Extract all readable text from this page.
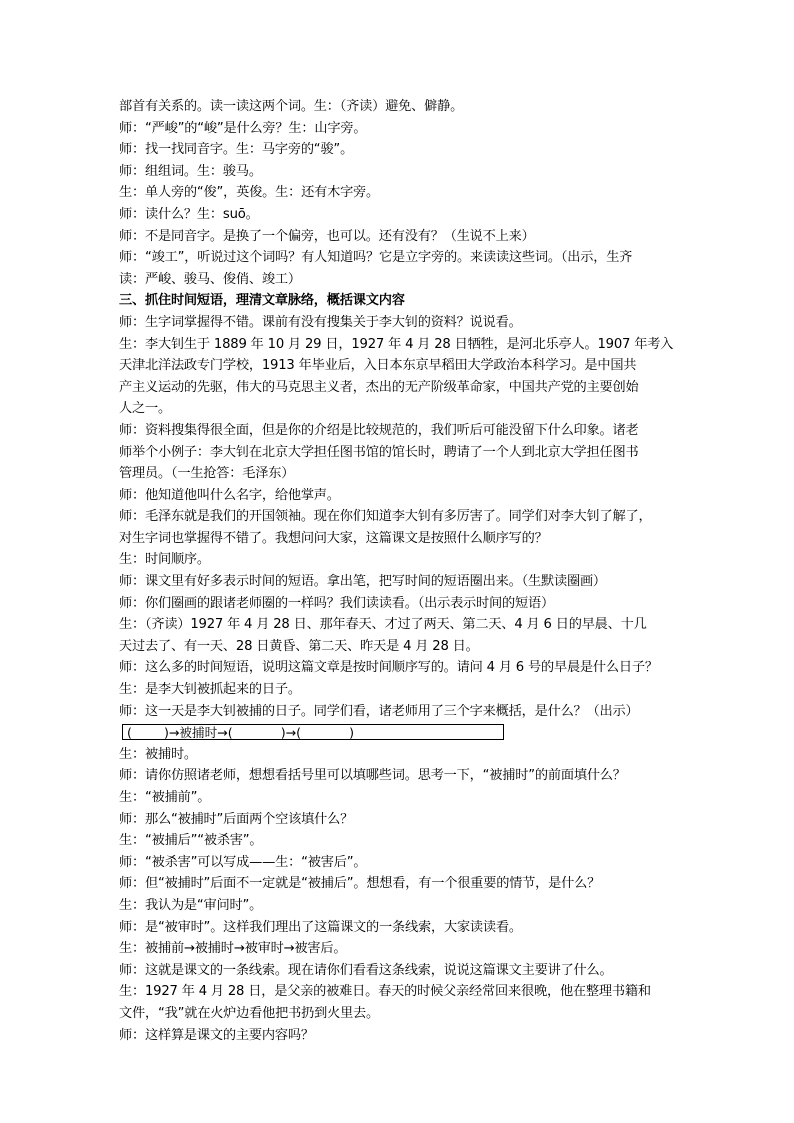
部首有关系的。读一读这两个词。生：（齐读）避免、僻静。
师：“严峻”的“峻”是什么旁？生：山字旁。
师：找一找同音字。生：马字旁的“骏”。
师：组组词。生：骏马。
生：单人旁的“俊”，英俊。生：还有木字旁。
师：读什么？生：suō。
师：不是同音字。是换了一个偏旁，也可以。还有没有？（生说不上来）
师：“竣工”，听说过这个词吗？有人知道吗？它是立字旁的。来读读这些词。（出示，生齐
读：严峻、骏马、俊俏、竣工）
三、抓住时间短语，理清文章脉络，概括课文内容
师：生字词掌握得不错。课前有没有搜集关于李大钊的资料？说说看。
生：李大钊生于 1889 年 10 月 29 日，1927 年 4 月 28 日牺牲，是河北乐亭人。1907 年考入
天津北洋法政专门学校，1913 年毕业后，入日本东京早稻田大学政治本科学习。是中国共
产主义运动的先驱，伟大的马克思主义者，杰出的无产阶级革命家，中国共产党的主要创始
人之一。
师：资料搜集得很全面，但是你的介绍是比较规范的，我们听后可能没留下什么印象。诸老
师举个小例子：李大钊在北京大学担任图书馆的馆长时，聘请了一个人到北京大学担任图书
管理员。（一生抢答：毛泽东）
师：他知道他叫什么名字，给他掌声。
师：毛泽东就是我们的开国领袖。现在你们知道李大钊有多厉害了。同学们对李大钊了解了，
对生字词也掌握得不错了。我想问问大家，这篇课文是按照什么顺序写的？
生：时间顺序。
师：课文里有好多表示时间的短语。拿出笔，把写时间的短语圈出来。（生默读圈画）
师：你们圈画的跟诸老师圈的一样吗？我们读读看。（出示表示时间的短语）
生：（齐读）1927 年 4 月 28 日、那年春天、才过了两天、第二天、4 月 6 日的早晨、十几
天过去了、有一天、28 日黄昏、第二天、昨天是 4 月 28 日。
师：这么多的时间短语，说明这篇文章是按时间顺序写的。请问 4 月 6 号的早晨是什么日子？
生：是李大钊被抓起来的日子。
师：这一天是李大钊被捕的日子。同学们看，诸老师用了三个字来概括，是什么？（出示）
(        )→被捕时→(            )→(            )
生：被捕时。
师：请你仿照诸老师，想想看括号里可以填哪些词。思考一下，“被捕时”的前面填什么？
生：“被捕前”。
师：那么“被捕时”后面两个空该填什么？
生：“被捕后”“被杀害”。
师：“被杀害”可以写成——生：“被害后”。
师：但“被捕时”后面不一定就是“被捕后”。想想看，有一个很重要的情节，是什么？
生：我认为是“审问时”。
师：是“被审时”。这样我们理出了这篇课文的一条线索，大家读读看。
生：被捕前→被捕时→被审时→被害后。
师：这就是课文的一条线索。现在请你们看看这条线索，说说这篇课文主要讲了什么。
生：1927 年 4 月 28 日，是父亲的被难日。春天的时候父亲经常回来很晚，他在整理书籍和
文件，“我”就在火炉边看他把书扔到火里去。
师：这样算是课文的主要内容吗？
